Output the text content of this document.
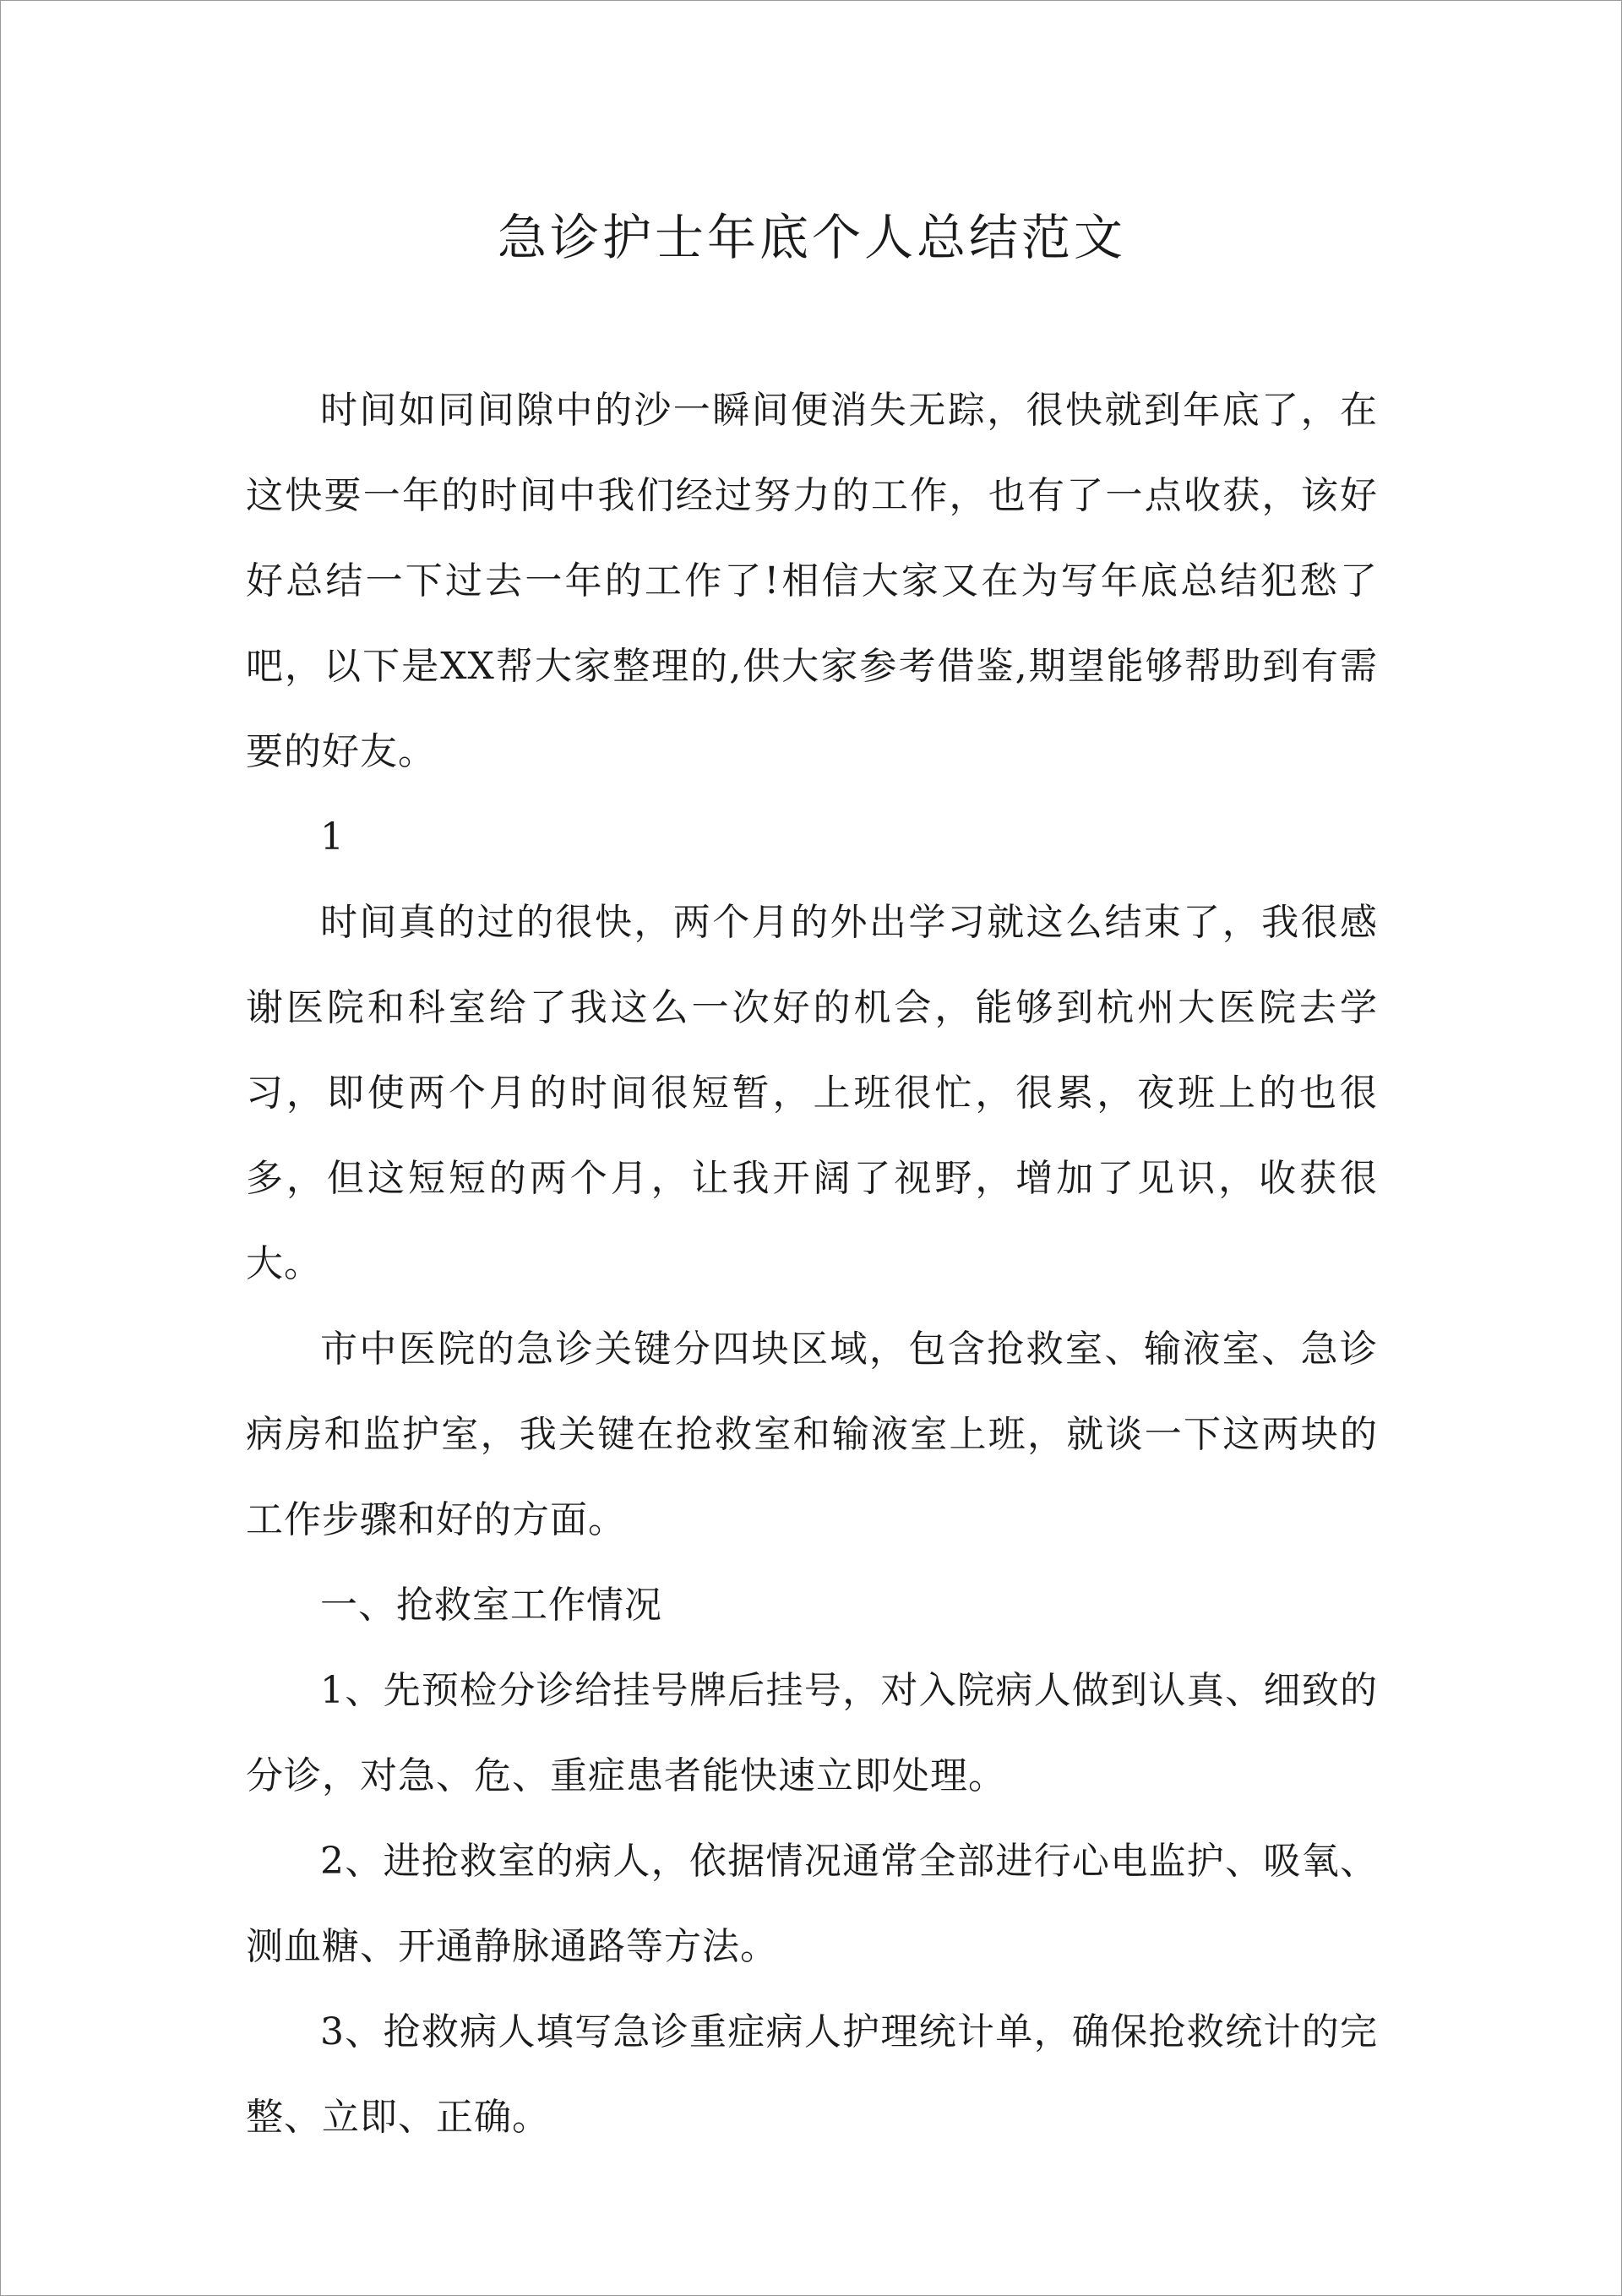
急诊护士年底个人总结范文

时间如同间隙中的沙一瞬间便消失无踪，很快就到年底了，在这快要一年的时间中我们经过努力的工作，也有了一点收获，该好好总结一下过去一年的工作了!相信大家又在为写年底总结犯愁了吧，以下是XX帮大家整理的,供大家参考借鉴,期望能够帮助到有需要的好友。

1

时间真的过的很快，两个月的外出学习就这么结束了，我很感谢医院和科室给了我这么一次好的机会，能够到杭州大医院去学习，即使两个月的时间很短暂，上班很忙，很累，夜班上的也很多，但这短短的两个月，让我开阔了视野，增加了见识，收获很大。

市中医院的急诊关键分四块区域，包含抢救室、输液室、急诊病房和监护室，我关键在抢救室和输液室上班，就谈一下这两块的工作步骤和好的方面。

一、抢救室工作情况

1、先预检分诊给挂号牌后挂号，对入院病人做到认真、细致的分诊，对急、危、重症患者能快速立即处理。

2、进抢救室的病人，依据情况通常全部进行心电监护、吸氧、测血糖、开通静脉通路等方法。

3、抢救病人填写急诊重症病人护理统计单，确保抢救统计的完整、立即、正确。
